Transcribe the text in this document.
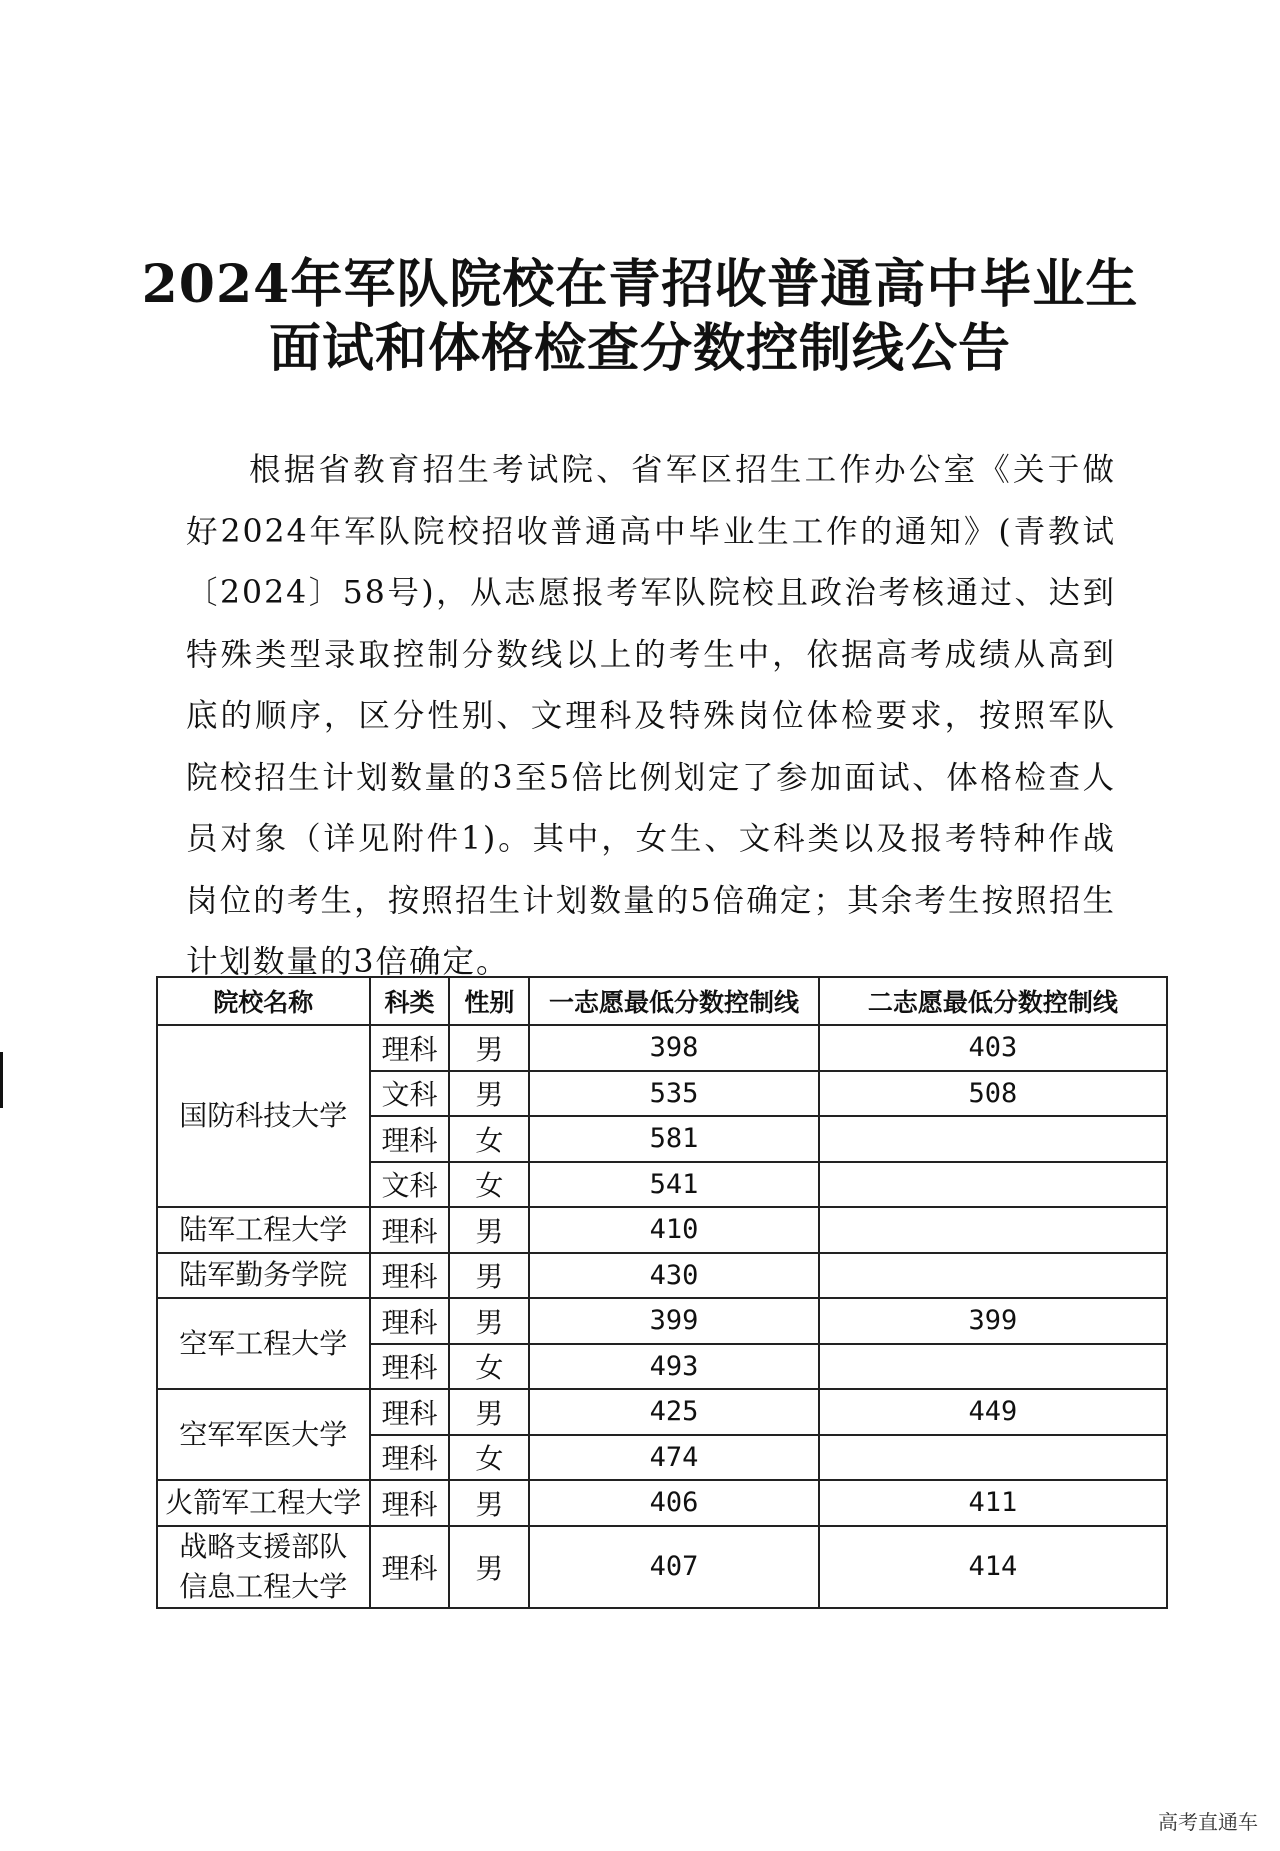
2024年军队院校在青招收普通高中毕业生
面试和体格检查分数控制线公告

根据省教育招生考试院、省军区招生工作办公室《关于做好2024年军队院校招收普通高中毕业生工作的通知》(青教试〔2024〕58号)，从志愿报考军队院校且政治考核通过、达到特殊类型录取控制分数线以上的考生中，依据高考成绩从高到底的顺序，区分性别、文理科及特殊岗位体检要求，按照军队院校招生计划数量的3至5倍比例划定了参加面试、体格检查人员对象（详见附件1)。其中，女生、文科类以及报考特种作战岗位的考生，按照招生计划数量的5倍确定；其余考生按照招生计划数量的3倍确定。

院校名称	科类	性别	一志愿最低分数控制线	二志愿最低分数控制线

国防科技大学	理科	男	398	403
	文科	男	535	508
	理科	女	581	
	文科	女	541	

陆军工程大学	理科	男	410	

陆军勤务学院	理科	男	430	

空军工程大学	理科	男	399	399
	理科	女	493	

空军军医大学	理科	男	425	449
	理科	女	474	

火箭军工程大学	理科	男	406	411

战略支援部队
信息工程大学	理科	男	407	414
高考直通车
